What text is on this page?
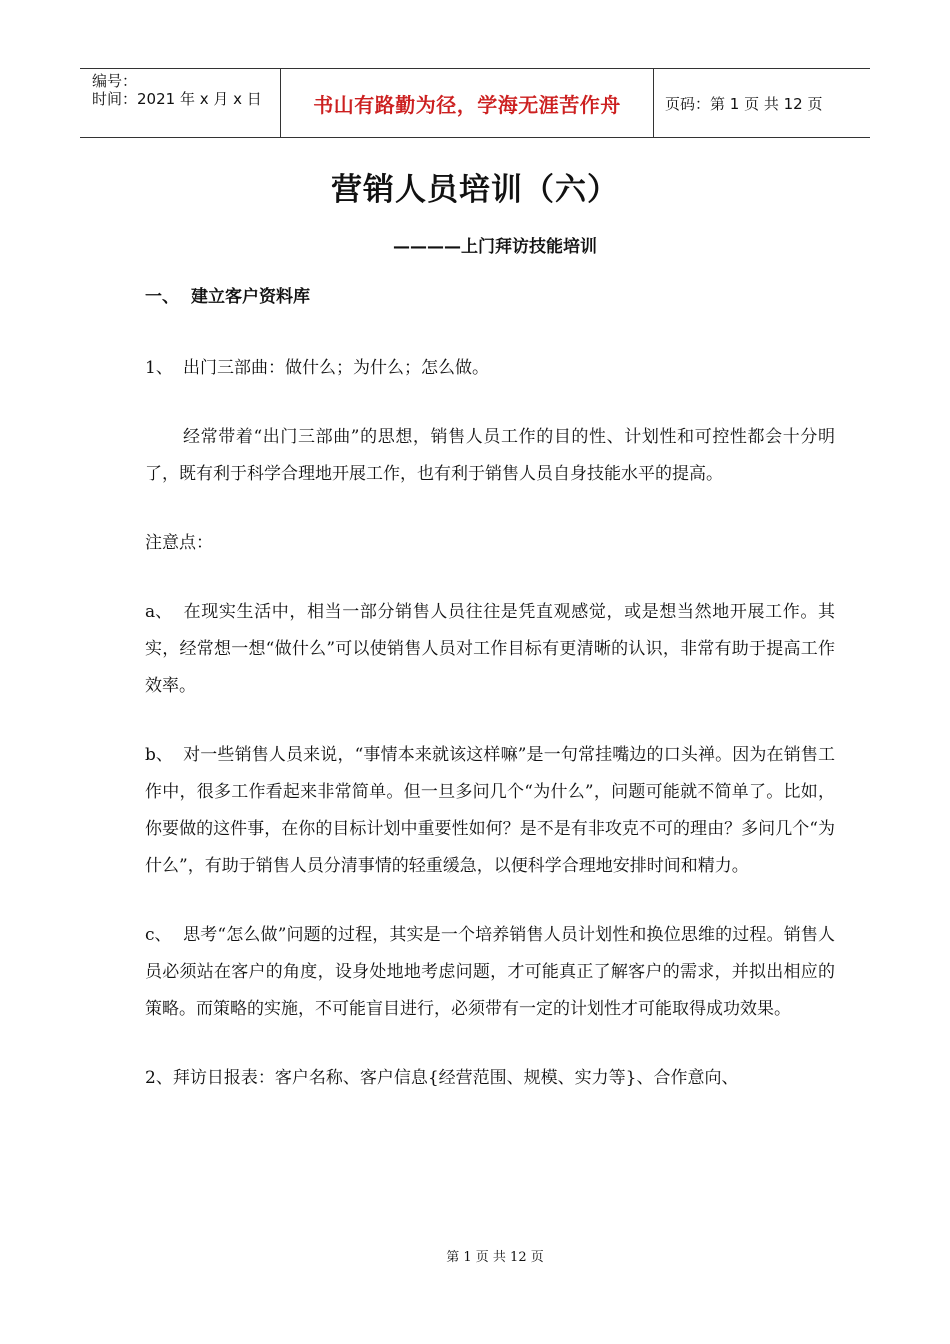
编号：
时间：2021 年 x 月 x 日	书山有路勤为径，学海无涯苦作舟	页码：第 1 页 共 12 页
营销人员培训（六）
————上门拜访技能培训
一、 建立客户资料库

1、 出门三部曲：做什么；为什么；怎么做。

经常带着“出门三部曲”的思想，销售人员工作的目的性、计划性和可控性都会十分明了，既有利于科学合理地开展工作，也有利于销售人员自身技能水平的提高。

注意点：

a、 在现实生活中，相当一部分销售人员往往是凭直观感觉，或是想当然地开展工作。其实，经常想一想“做什么”可以使销售人员对工作目标有更清晰的认识，非常有助于提高工作效率。

b、 对一些销售人员来说，“事情本来就该这样嘛”是一句常挂嘴边的口头禅。因为在销售工作中，很多工作看起来非常简单。但一旦多问几个“为什么”，问题可能就不简单了。比如，你要做的这件事，在你的目标计划中重要性如何？是不是有非攻克不可的理由？多问几个“为什么”，有助于销售人员分清事情的轻重缓急，以便科学合理地安排时间和精力。

c、 思考“怎么做”问题的过程，其实是一个培养销售人员计划性和换位思维的过程。销售人 员必须站在客户的角度，设身处地地考虑问题，才可能真正了解客户的需求，并拟出相应的策略。而策略的实施，不可能盲目进行，必须带有一定的计划性才可能取得成功效果。

2、拜访日报表：客户名称、客户信息{经营范围、规模、实力等}、合作意向、

第 1 页 共 12 页
